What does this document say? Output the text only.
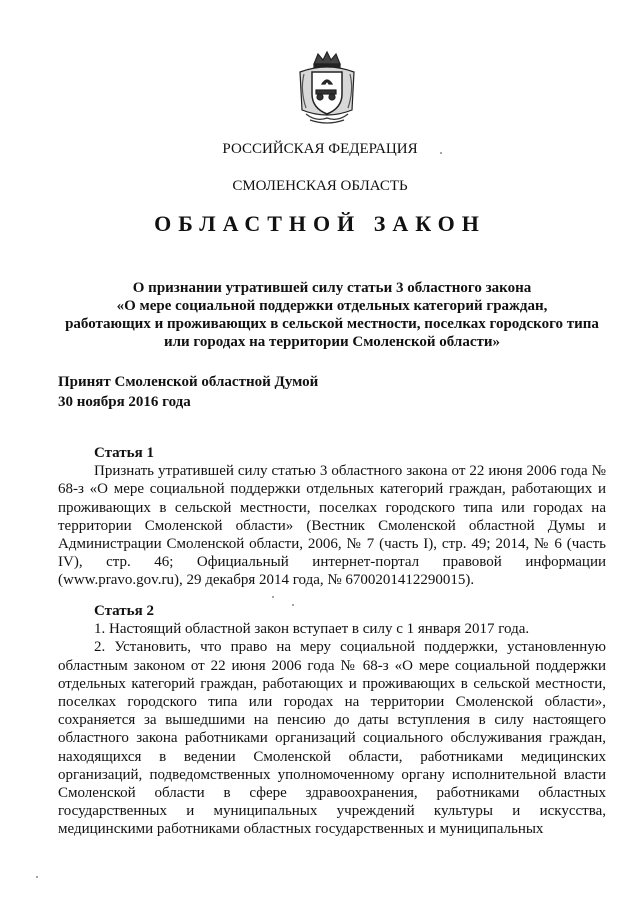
РОССИЙСКАЯ ФЕДЕРАЦИЯ
СМОЛЕНСКАЯ ОБЛАСТЬ
ОБЛАСТНОЙ ЗАКОН
О признании утратившей силу статьи 3 областного закона
«О мере социальной поддержки отдельных категорий граждан,
работающих и проживающих в сельской местности, поселках городского типа
или городах на территории Смоленской области»
Принят Смоленской областной Думой
30 ноября 2016 года

Статья 1

Признать утратившей силу статью 3 областного закона от 22 июня 2006 года № 68-з «О мере социальной поддержки отдельных категорий граждан, работающих и проживающих в сельской местности, поселках городского типа или городах на территории Смоленской области» (Вестник Смоленской областной Думы и Администрации Смоленской области, 2006, № 7 (часть I), стр. 49; 2014, № 6 (часть IV), стр. 46; Официальный интернет-портал правовой информации (www.pravo.gov.ru), 29 декабря 2014 года, № 6700201412290015).

Статья 2

1. Настоящий областной закон вступает в силу с 1 января 2017 года.

2. Установить, что право на меру социальной поддержки, установленную областным законом от 22 июня 2006 года № 68-з «О мере социальной поддержки отдельных категорий граждан, работающих и проживающих в сельской местности, поселках городского типа или городах на территории Смоленской области», сохраняется за вышедшими на пенсию до даты вступления в силу настоящего областного закона работниками организаций социального обслуживания граждан, находящихся в ведении Смоленской области, работниками медицинских организаций, подведомственных уполномоченному органу исполнительной власти Смоленской области в сфере здравоохранения, работниками областных государственных и муниципальных учреждений культуры и искусства, медицинскими работниками областных государственных и муниципальных
